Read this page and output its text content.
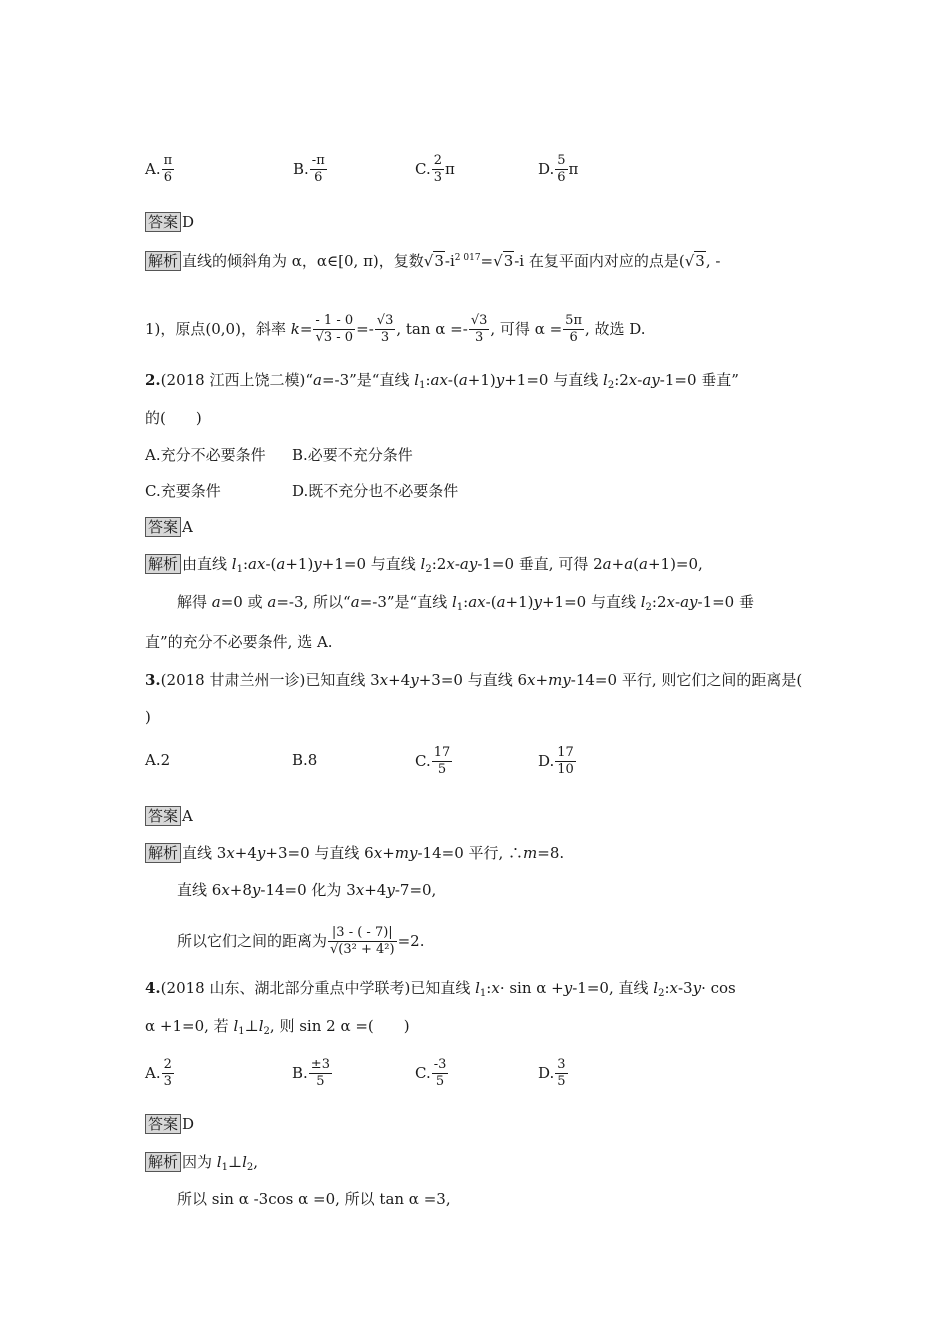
A. $\frac{\pi}{6}$	B. $\frac{-\pi}{6}$	C. $\frac{2}{3}$ π	D. $\frac{5}{6}$ π
答案 D
解析 直线的倾斜角为 α，α∈[0, π)，复数$√3-i^{2 017}=√3-i$ 在复平面内对应的点是(√3, -
1)，原点(0,0)，斜率 $k= \frac{- 1 - 0}{√3 - 0} =- \frac{√3}{3}$ , $\tan \alpha =- \frac{√3}{3}$ , 可得 $\alpha = \frac{5\pi}{6}$ , 故选 D.
2.(2018 江西上饶二模)“a=-3”是“直线 $l_1:ax-(a+1)y+1=0$ 与直线 $l_2:2x-ay-1=0$ 垂直”
的(　　)
A.充分不必要条件 B.必要不充分条件
C.充要条件	D.既不充分也不必要条件
答案 A
解析 由直线 $l_1:ax-(a+1)y+1=0$ 与直线 $l_2:2x-ay-1=0$ 垂直, 可得 2a+a(a+1)=0,
解得 a=0 或 a=-3, 所以“a=-3”是“直线 $l_1:ax-(a+1)y+1=0$ 与直线 $l_2:2x-ay-1=0$ 垂
直”的充分不必要条件, 选 A.
3.(2018 甘肃兰州一诊)已知直线 3x+4y+3=0 与直线 6x+my-14=0 平行, 则它们之间的距离是(
)
A.2	B.8	C. $\frac{17}{5}$	D. $\frac{17}{10}$
答案 A
解析 直线 3x+4y+3=0 与直线 6x+my-14=0 平行, ∴m=8.
直线 6x+8y-14=0 化为 3x+4y-7=0,
所以它们之间的距离为 $\frac{|3 - ( - 7)|}{\text{√(3² + 4²)}} =2$.
4.(2018 山东、湖北部分重点中学联考)已知直线 $l_1:x\cdot \sin \alpha +y-1=0$, 直线 $l_2:x-3y\cdot \cos$
α +1=0, 若 $l_1\perp l_2$, 则 sin 2 α =(　　)
A. $\frac{2}{3}$	B. $\frac{\pm 3}{5}$	C. $\frac{-3}{5}$	D. $\frac{3}{5}$
答案 D
解析 因为 $l_1\perp l_2$,
所以 sin α -3cos α =0, 所以 tan α =3,
